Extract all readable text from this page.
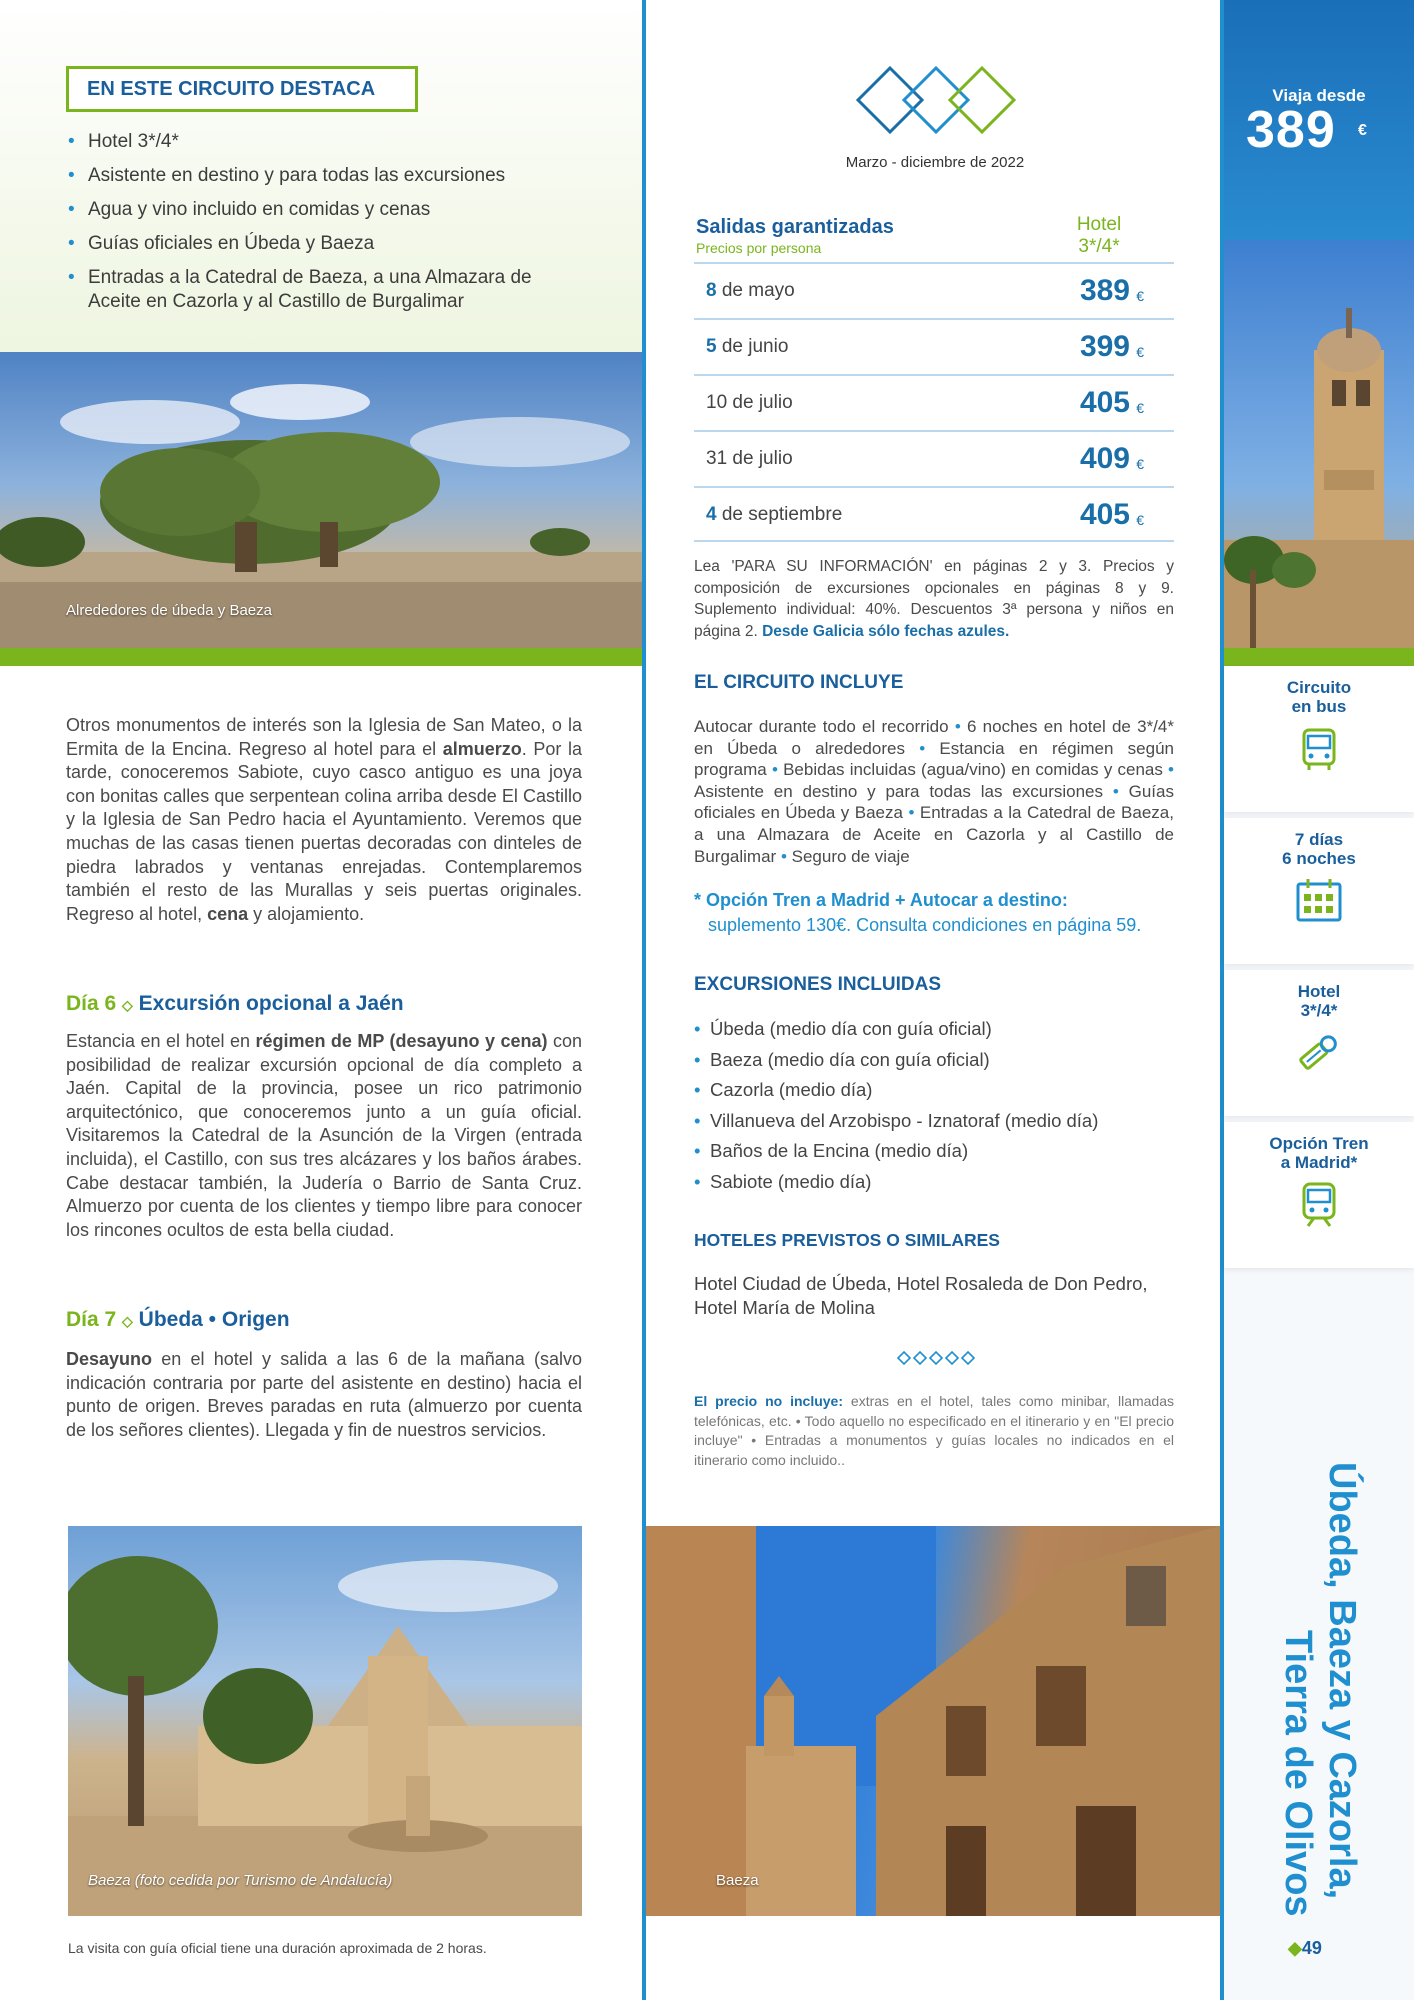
EN ESTE CIRCUITO DESTACA
• Hotel 3*/4*
• Asistente en destino y para todas las excursiones
• Agua y vino incluido en comidas y cenas
• Guías oficiales en Úbeda y Baeza
• Entradas a la Catedral de Baeza, a una Almazara de Aceite en Cazorla y al Castillo de Burgalimar
Alrededores de úbeda y Baeza
Otros monumentos de interés son la Iglesia de San Mateo, o la Ermita de la Encina. Regreso al hotel para el almuerzo. Por la tarde, conoceremos Sabiote, cuyo casco antiguo es una joya con bonitas calles que serpentean colina arriba desde El Castillo y la Iglesia de San Pedro hacia el Ayuntamiento. Veremos que muchas de las casas tienen puertas decoradas con dinteles de piedra labrados y ventanas enrejadas. Contemplaremos también el resto de las Murallas y seis puertas originales. Regreso al hotel, cena y alojamiento.
Día 6 ◇ Excursión opcional a Jaén
Estancia en el hotel en régimen de MP (desayuno y cena) con posibilidad de realizar excursión opcional de día completo a Jaén. Capital de la provincia, posee un rico patrimonio arquitectónico, que conoceremos junto a un guía oficial. Visitaremos la Catedral de la Asunción de la Virgen (entrada incluida), el Castillo, con sus tres alcázares y los baños árabes. Cabe destacar también, la Judería o Barrio de Santa Cruz. Almuerzo por cuenta de los clientes y tiempo libre para conocer los rincones ocultos de esta bella ciudad.
Día 7 ◇ Úbeda • Origen
Desayuno en el hotel y salida a las 6 de la mañana (salvo indicación contraria por parte del asistente en destino) hacia el punto de origen. Breves paradas en ruta (almuerzo por cuenta de los señores clientes). Llegada y fin de nuestros servicios.
Baeza (foto cedida por Turismo de Andalucía)
La visita con guía oficial tiene una duración aproximada de 2 horas.
Marzo - diciembre de 2022
Salidas garantizadas
Precios por persona
Hotel 3*/4*
8 de mayo	389 €
5 de junio	399 €
10 de julio	405 €
31 de julio	409 €
4 de septiembre	405 €
Lea 'PARA SU INFORMACIÓN' en páginas 2 y 3. Precios y composición de excursiones opcionales en páginas 8 y 9. Suplemento individual: 40%. Descuentos 3ª persona y niños en página 2. Desde Galicia sólo fechas azules.
EL CIRCUITO INCLUYE
Autocar durante todo el recorrido • 6 noches en hotel de 3*/4* en Úbeda o alrededores • Estancia en régimen según programa • Bebidas incluidas (agua/vino) en comidas y cenas • Asistente en destino y para todas las excursiones • Guías oficiales en Úbeda y Baeza • Entradas a la Catedral de Baeza, a una Almazara de Aceite en Cazorla y al Castillo de Burgalimar • Seguro de viaje
* Opción Tren a Madrid + Autocar a destino:
suplemento 130€. Consulta condiciones en página 59.
EXCURSIONES INCLUIDAS
• Úbeda (medio día con guía oficial)
• Baeza (medio día con guía oficial)
• Cazorla (medio día)
• Villanueva del Arzobispo - Iznatoraf (medio día)
• Baños de la Encina (medio día)
• Sabiote (medio día)
HOTELES PREVISTOS O SIMILARES
Hotel Ciudad de Úbeda, Hotel Rosaleda de Don Pedro, Hotel María de Molina
El precio no incluye: extras en el hotel, tales como minibar, llamadas telefónicas, etc. • Todo aquello no especificado en el itinerario y en "El precio incluye" • Entradas a monumentos y guías locales no indicados en el itinerario como incluido..
Baeza
Viaja desde
389 €
Circuito
en bus
7 días
6 noches
Hotel
3*/4*
Opción Tren
a Madrid*
Úbeda, Baeza y Cazorla,
Tierra de Olivos
◆49
